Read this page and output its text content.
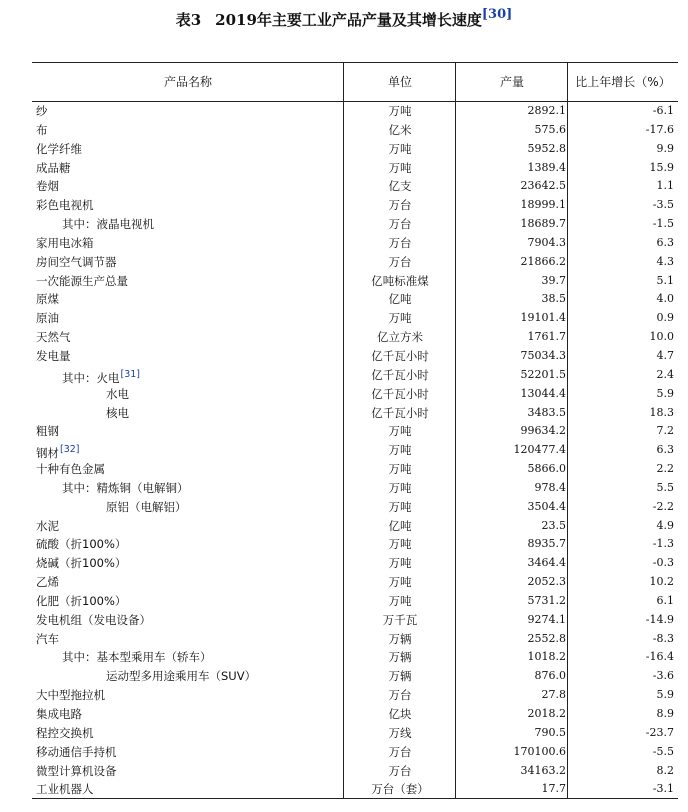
表3 2019年主要工业产品产量及其增长速度[30]
产品名称	单位	产量	比上年增长（%）
纱	万吨	2892.1	-6.1
布	亿米	575.6	-17.6
化学纤维	万吨	5952.8	9.9
成品糖	万吨	1389.4	15.9
卷烟	亿支	23642.5	1.1
彩色电视机	万台	18999.1	-3.5
其中：液晶电视机	万台	18689.7	-1.5
家用电冰箱	万台	7904.3	6.3
房间空气调节器	万台	21866.2	4.3
一次能源生产总量	亿吨标准煤	39.7	5.1
原煤	亿吨	38.5	4.0
原油	万吨	19101.4	0.9
天然气	亿立方米	1761.7	10.0
发电量	亿千瓦小时	75034.3	4.7
其中：火电[31]	亿千瓦小时	52201.5	2.4
水电	亿千瓦小时	13044.4	5.9
核电	亿千瓦小时	3483.5	18.3
粗钢	万吨	99634.2	7.2
钢材[32]	万吨	120477.4	6.3
十种有色金属	万吨	5866.0	2.2
其中：精炼铜（电解铜）	万吨	978.4	5.5
原铝（电解铝）	万吨	3504.4	-2.2
水泥	亿吨	23.5	4.9
硫酸（折100%）	万吨	8935.7	-1.3
烧碱（折100%）	万吨	3464.4	-0.3
乙烯	万吨	2052.3	10.2
化肥（折100%）	万吨	5731.2	6.1
发电机组（发电设备）	万千瓦	9274.1	-14.9
汽车	万辆	2552.8	-8.3
其中：基本型乘用车（轿车）	万辆	1018.2	-16.4
运动型多用途乘用车（SUV）	万辆	876.0	-3.6
大中型拖拉机	万台	27.8	5.9
集成电路	亿块	2018.2	8.9
程控交换机	万线	790.5	-23.7
移动通信手持机	万台	170100.6	-5.5
微型计算机设备	万台	34163.2	8.2
工业机器人	万台（套）	17.7	-3.1
